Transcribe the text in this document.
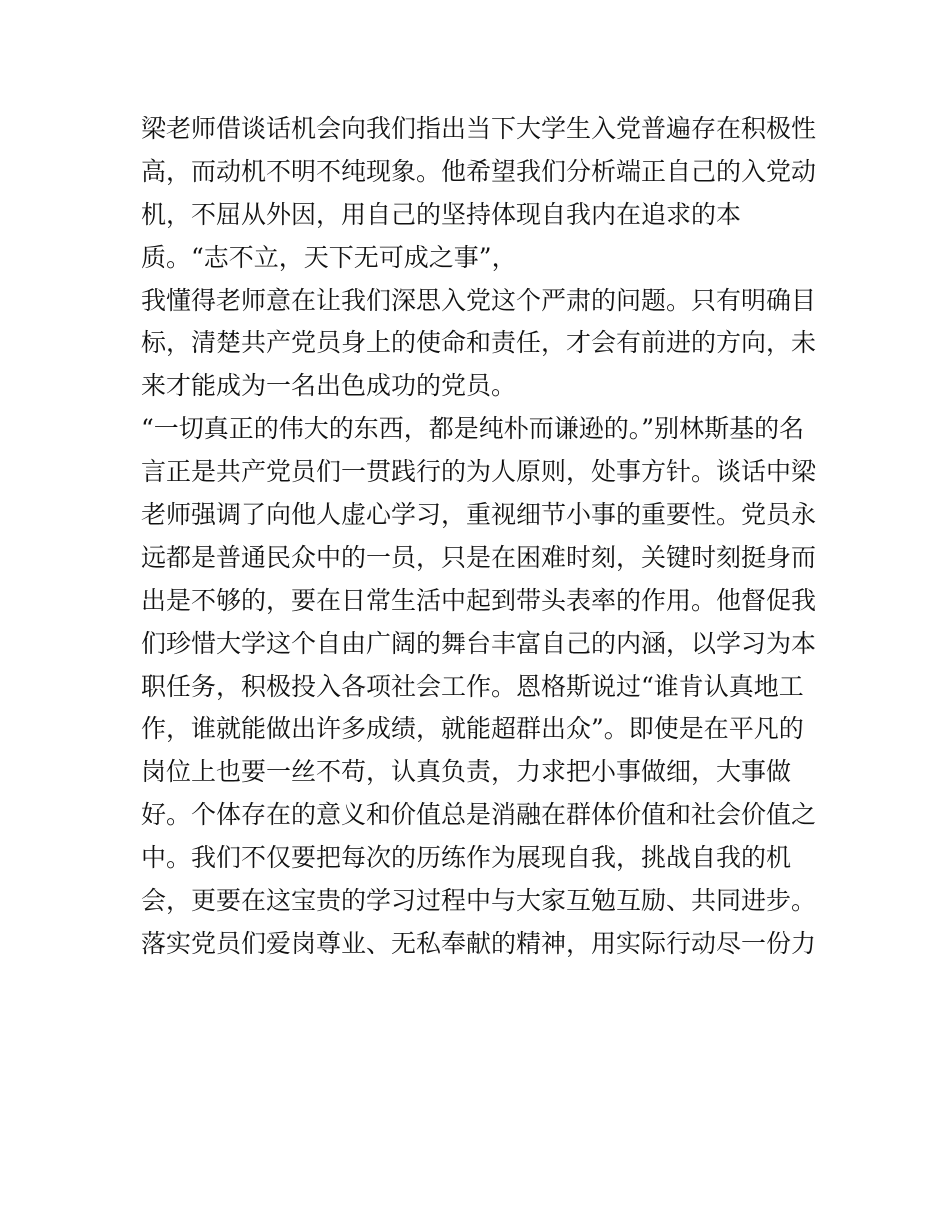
梁老师借谈话机会向我们指出当下大学生入党普遍存在积极性
高，而动机不明不纯现象。他希望我们分析端正自己的入党动
机，不屈从外因，用自己的坚持体现自我内在追求的本
质。“志不立，天下无可成之事”，
我懂得老师意在让我们深思入党这个严肃的问题。只有明确目
标，清楚共产党员身上的使命和责任，才会有前进的方向，未
来才能成为一名出色成功的党员。
“一切真正的伟大的东西，都是纯朴而谦逊的。”别林斯基的名
言正是共产党员们一贯践行的为人原则，处事方针。谈话中梁
老师强调了向他人虚心学习，重视细节小事的重要性。党员永
远都是普通民众中的一员，只是在困难时刻，关键时刻挺身而
出是不够的，要在日常生活中起到带头表率的作用。他督促我
们珍惜大学这个自由广阔的舞台丰富自己的内涵，以学习为本
职任务，积极投入各项社会工作。恩格斯说过“谁肯认真地工
作，谁就能做出许多成绩，就能超群出众”。即使是在平凡的
岗位上也要一丝不苟，认真负责，力求把小事做细，大事做
好。个体存在的意义和价值总是消融在群体价值和社会价值之
中。我们不仅要把每次的历练作为展现自我，挑战自我的机
会，更要在这宝贵的学习过程中与大家互勉互励、共同进步。
落实党员们爱岗尊业、无私奉献的精神，用实际行动尽一份力
